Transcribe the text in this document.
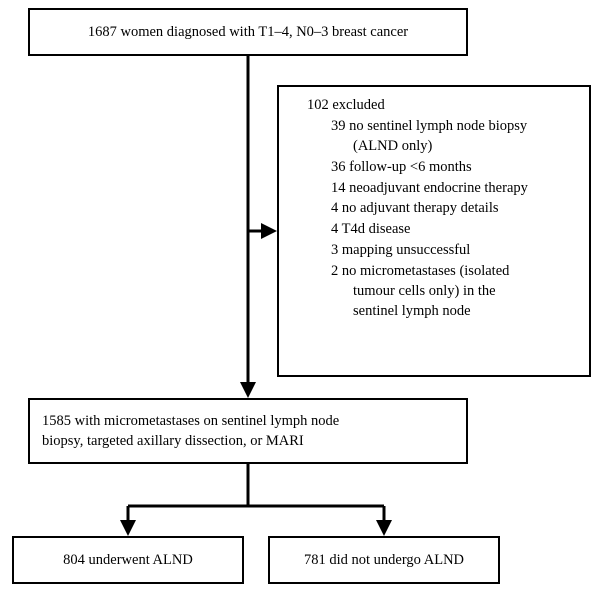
1687 women diagnosed with T1–4, N0–3 breast cancer

102 excluded

39 no sentinel lymph node biopsy
(ALND only)
36 follow-up <6 months
14 neoadjuvant endocrine therapy
4 no adjuvant therapy details
4 T4d disease
3 mapping unsuccessful
2 no micrometastases (isolated
tumour cells only) in the
sentinel lymph node
1585 with micrometastases on sentinel lymph node
biopsy, targeted axillary dissection, or MARI
804 underwent ALND	781 did not undergo ALND
